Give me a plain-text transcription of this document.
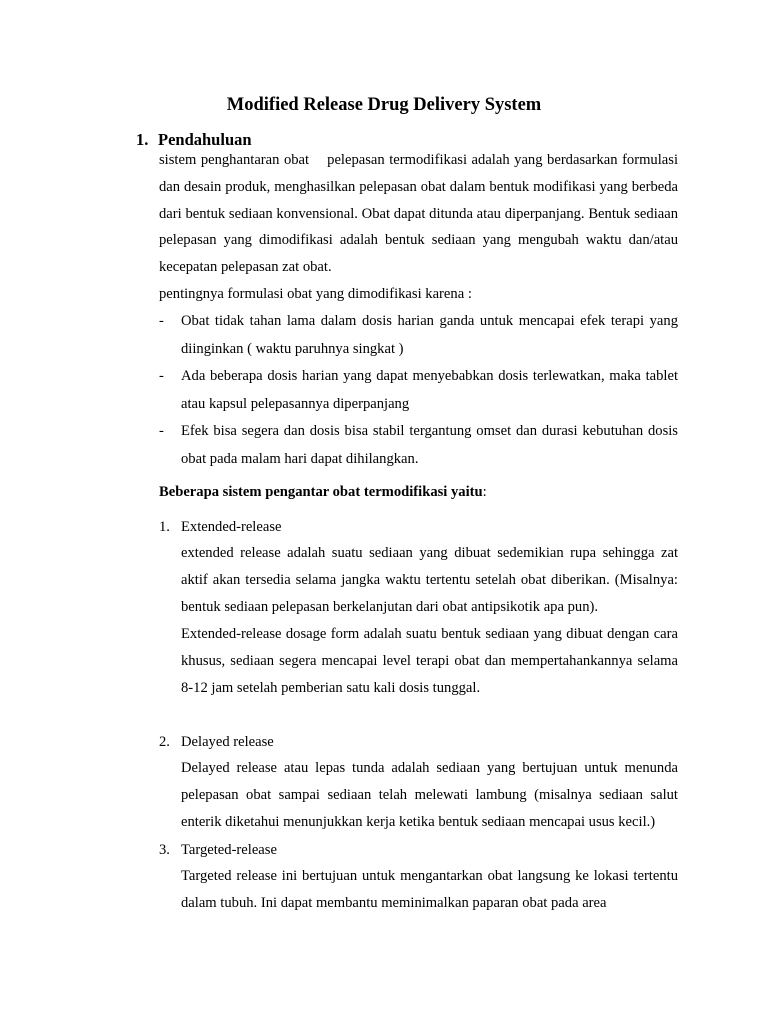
Modified Release Drug Delivery System
1. Pendahuluan

sistem penghantaran obat    pelepasan termodifikasi adalah yang berdasarkan formulasi dan desain produk, menghasilkan pelepasan obat dalam bentuk modifikasi yang berbeda dari bentuk sediaan konvensional. Obat dapat ditunda atau diperpanjang. Bentuk sediaan pelepasan yang dimodifikasi adalah bentuk sediaan yang mengubah waktu dan/atau kecepatan pelepasan zat obat.

pentingnya formulasi obat yang dimodifikasi karena :

- Obat tidak tahan lama dalam dosis harian ganda untuk mencapai efek terapi yang diinginkan ( waktu paruhnya singkat )
- Ada beberapa dosis harian yang dapat menyebabkan dosis terlewatkan, maka tablet atau kapsul pelepasannya diperpanjang
- Efek bisa segera dan dosis bisa stabil tergantung omset dan durasi kebutuhan dosis obat pada malam hari dapat dihilangkan.

Beberapa sistem pengantar obat termodifikasi yaitu:

1. Extended-release

extended release adalah suatu sediaan yang dibuat sedemikian rupa sehingga zat aktif akan tersedia selama jangka waktu tertentu setelah obat diberikan. (Misalnya: bentuk sediaan pelepasan berkelanjutan dari obat antipsikotik apa pun).

Extended-release dosage form adalah suatu bentuk sediaan yang dibuat dengan cara khusus, sediaan segera mencapai level terapi obat dan mempertahankannya selama 8-12 jam setelah pemberian satu kali dosis tunggal.

2. Delayed release

Delayed release atau lepas tunda adalah sediaan yang bertujuan untuk menunda pelepasan obat sampai sediaan telah melewati lambung (misalnya sediaan salut enterik diketahui menunjukkan kerja ketika bentuk sediaan mencapai usus kecil.)

3. Targeted-release

Targeted release ini bertujuan untuk mengantarkan obat langsung ke lokasi tertentu dalam tubuh. Ini dapat membantu meminimalkan paparan obat pada area
